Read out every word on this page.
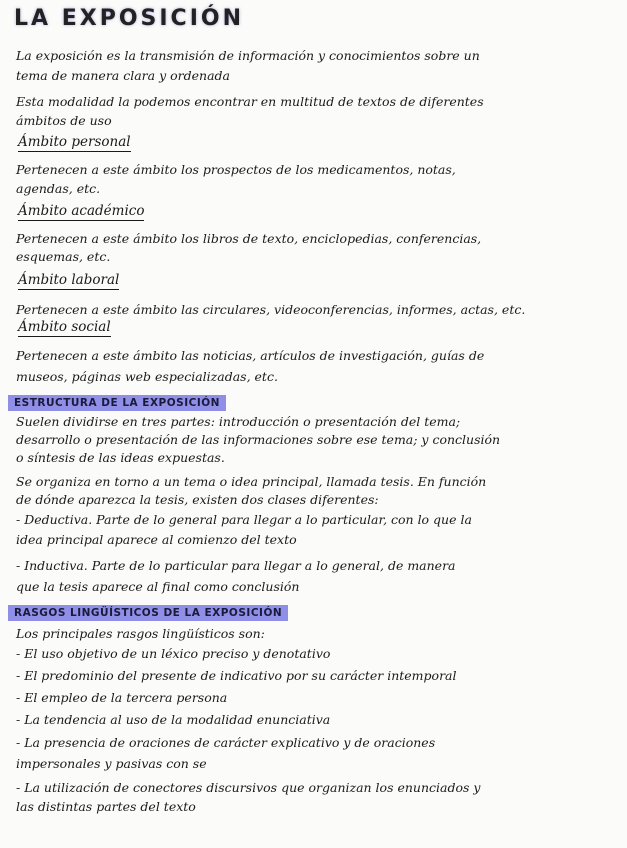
LA EXPOSICIÓN
La exposición es la transmisión de información y conocimientos sobre un
tema de manera clara y ordenada
Esta modalidad la podemos encontrar en multitud de textos de diferentes
ámbitos de uso
Ámbito personal
Pertenecen a este ámbito los prospectos de los medicamentos, notas,
agendas, etc.
Ámbito académico
Pertenecen a este ámbito los libros de texto, enciclopedias, conferencias,
esquemas, etc.
Ámbito laboral
Pertenecen a este ámbito las circulares, videoconferencias, informes, actas, etc.
Ámbito social
Pertenecen a este ámbito las noticias, artículos de investigación, guías de
museos, páginas web especializadas, etc.
ESTRUCTURA DE LA EXPOSICIÓN
Suelen dividirse en tres partes: introducción o presentación del tema;
desarrollo o presentación de las informaciones sobre ese tema; y conclusión
o síntesis de las ideas expuestas.
Se organiza en torno a un tema o idea principal, llamada tesis. En función
de dónde aparezca la tesis, existen dos clases diferentes:
- Deductiva. Parte de lo general para llegar a lo particular, con lo que la
idea principal aparece al comienzo del texto
- Inductiva. Parte de lo particular para llegar a lo general, de manera
que la tesis aparece al final como conclusión
RASGOS LINGÜÍSTICOS DE LA EXPOSICIÓN
Los principales rasgos lingüísticos son:
- El uso objetivo de un léxico preciso y denotativo
- El predominio del presente de indicativo por su carácter intemporal
- El empleo de la tercera persona
- La tendencia al uso de la modalidad enunciativa
- La presencia de oraciones de carácter explicativo y de oraciones
impersonales y pasivas con se
- La utilización de conectores discursivos que organizan los enunciados y
las distintas partes del texto
